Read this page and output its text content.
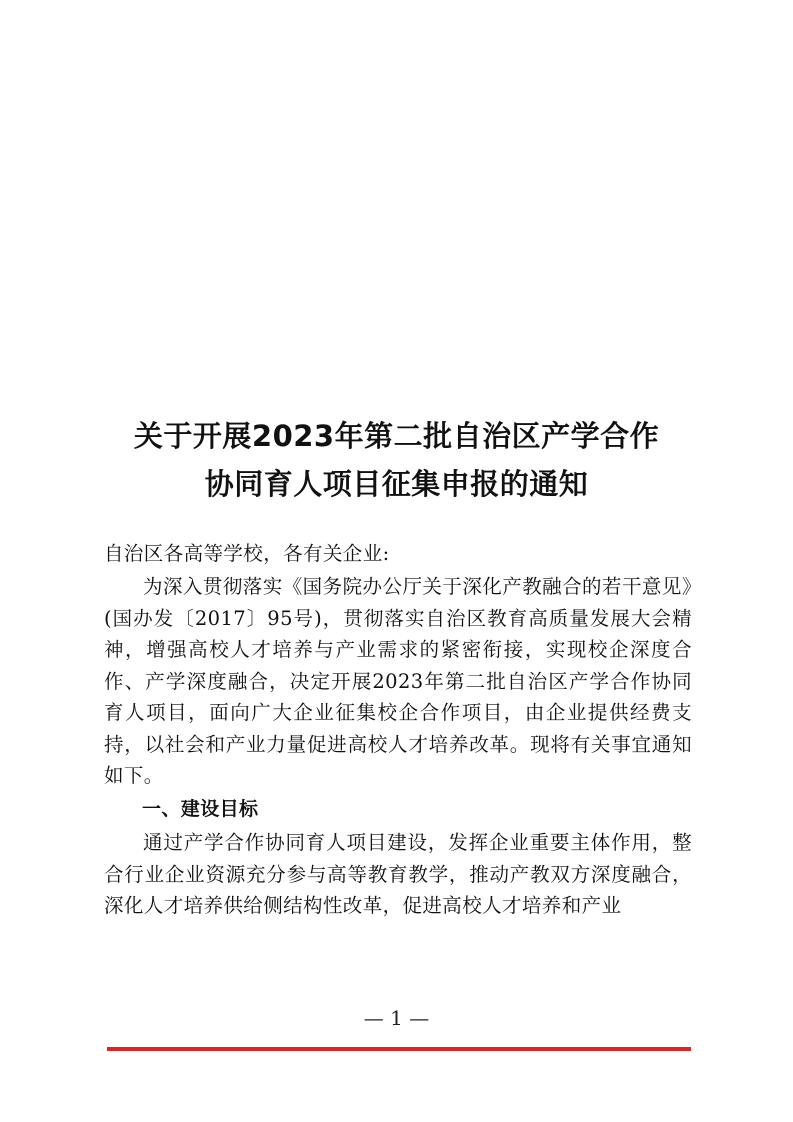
关于开展2023年第二批自治区产学合作
协同育人项目征集申报的通知

自治区各高等学校，各有关企业:

为深入贯彻落实《国务院办公厅关于深化产教融合的若干意见》(国办发〔2017〕95号)，贯彻落实自治区教育高质量发展大会精神，增强高校人才培养与产业需求的紧密衔接，实现校企深度合作、产学深度融合，决定开展2023年第二批自治区产学合作协同育人项目，面向广大企业征集校企合作项目，由企业提供经费支持，以社会和产业力量促进高校人才培养改革。现将有关事宜通知如下。

一、建设目标

通过产学合作协同育人项目建设，发挥企业重要主体作用，整合行业企业资源充分参与高等教育教学，推动产教双方深度融合，深化人才培养供给侧结构性改革，促进高校人才培养和产业

— 1 —
